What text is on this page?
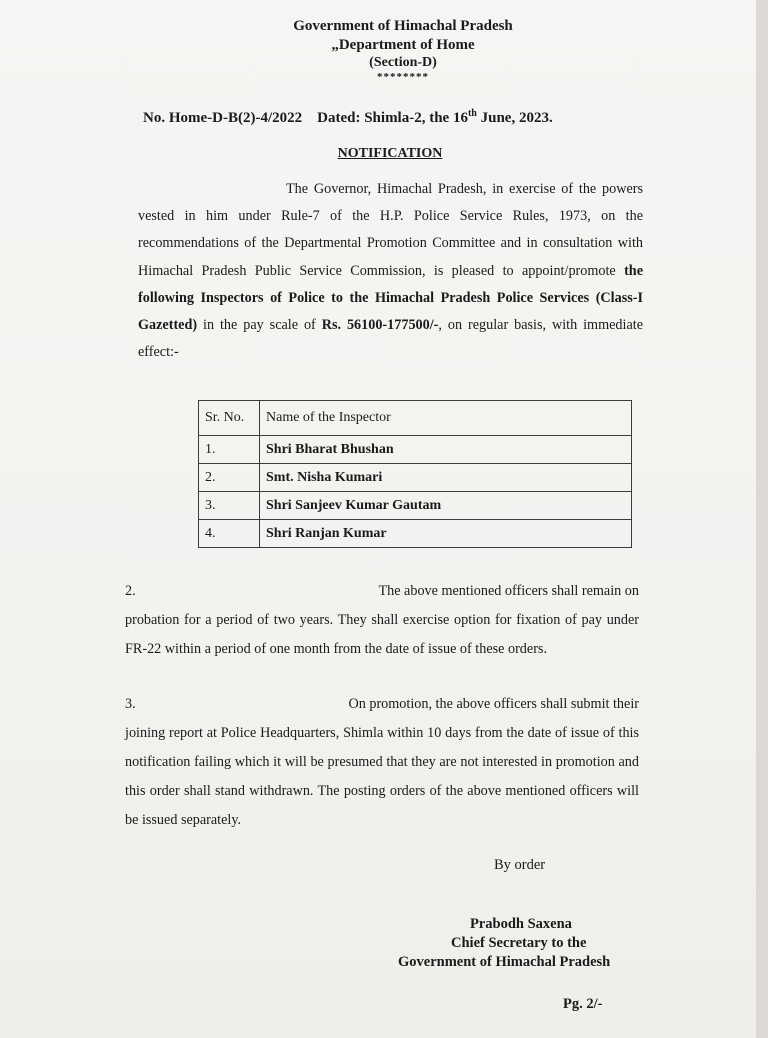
Government of Himachal Pradesh
„Department of Home
(Section-D)
********
No. Home-D-B(2)-4/2022 Dated: Shimla-2, the 16th June, 2023.
NOTIFICATION
The Governor, Himachal Pradesh, in exercise of the powers vested in him under Rule-7 of the H.P. Police Service Rules, 1973, on the recommendations of the Departmental Promotion Committee and in consultation with Himachal Pradesh Public Service Commission, is pleased to appoint/promote the following Inspectors of Police to the Himachal Pradesh Police Services (Class-I Gazetted) in the pay scale of Rs. 56100-177500/-, on regular basis, with immediate effect:-
Sr. No.	Name of the Inspector
1.	Shri Bharat Bhushan
2.	Smt. Nisha Kumari
3.	Shri Sanjeev Kumar Gautam
4.	Shri Ranjan Kumar
2.	The above mentioned officers shall remain on
probation for a period of two years. They shall exercise option for fixation of pay under FR-22 within a period of one month from the date of issue of these orders.
3.	On promotion, the above officers shall submit their
joining report at Police Headquarters, Shimla within 10 days from the date of issue of this notification failing which it will be presumed that they are not interested in promotion and this order shall stand withdrawn. The posting orders of the above mentioned officers will be issued separately.
By order
Prabodh Saxena
Chief Secretary to the
Government of Himachal Pradesh
Pg. 2/-
